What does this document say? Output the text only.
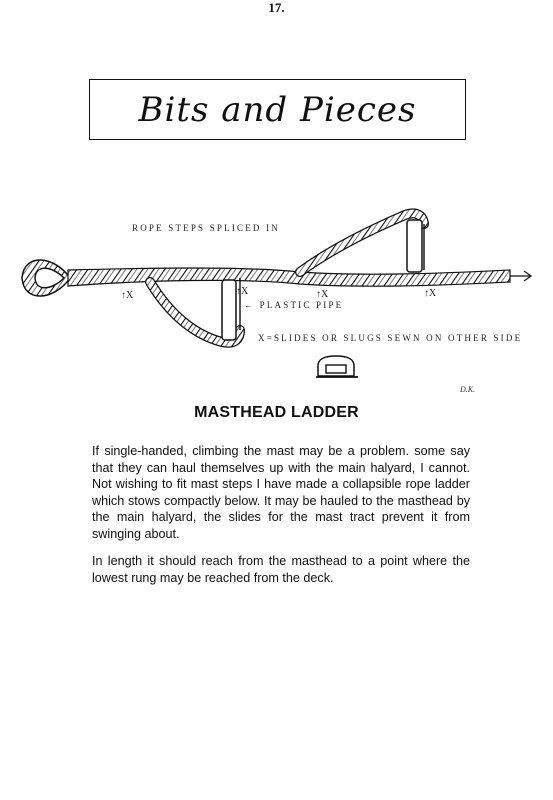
17.
Bits and Pieces
ROPE STEPS SPLICED IN
↑X	↑X	↑X	↑X
← PLASTIC PIPE
X=SLIDES OR SLUGS SEWN ON OTHER SIDE
D.K.
MASTHEAD LADDER

If single-handed, climbing the mast may be a problem. some say that they can haul themselves up with the main halyard, I cannot. Not wishing to fit mast steps I have made a collapsible rope ladder which stows compactly below. It may be hauled to the masthead by the main halyard, the slides for the mast tract prevent it from swinging about.

In length it should reach from the masthead to a point where the lowest rung may be reached from the deck.
